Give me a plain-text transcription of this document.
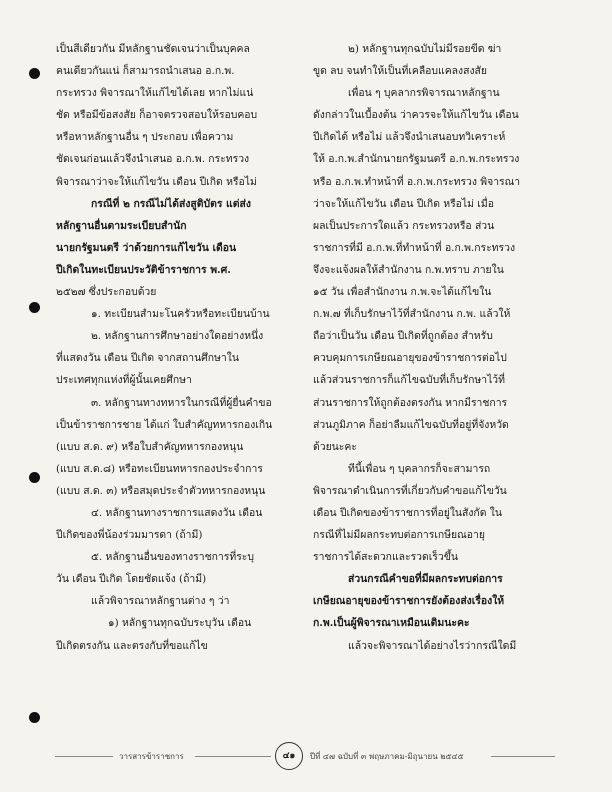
เป็นสีเดียวกัน มีหลักฐานชัดเจนว่าเป็นบุคคล
คนเดียวกันแน่ ก็สามารถนำเสนอ อ.ก.พ.
กระทรวง พิจารณาให้แก้ไขได้เลย หากไม่แน่
ชัด หรือมีข้อสงสัย ก็อาจตรวจสอบให้รอบคอบ
หรือหาหลักฐานอื่น ๆ ประกอบ เพื่อความ
ชัดเจนก่อนแล้วจึงนำเสนอ อ.ก.พ. กระทรวง
พิจารณาว่าจะให้แก้ไขวัน เดือน ปีเกิด หรือไม่
กรณีที่ ๒ กรณีไม่ได้ส่งสูติบัตร แต่ส่ง
หลักฐานอื่นตามระเบียบสำนัก
นายกรัฐมนตรี ว่าด้วยการแก้ไขวัน เดือน
ปีเกิดในทะเบียนประวัติข้าราชการ พ.ศ.
๒๕๒๗ ซึ่งประกอบด้วย
๑. ทะเบียนสำมะโนครัวหรือทะเบียนบ้าน
๒. หลักฐานการศึกษาอย่างใดอย่างหนึ่ง
ที่แสดงวัน เดือน ปีเกิด จากสถานศึกษาใน
ประเทศทุกแห่งที่ผู้นั้นเคยศึกษา
๓. หลักฐานทางทหารในกรณีที่ผู้ยื่นคำขอ
เป็นข้าราชการชาย ได้แก่ ใบสำคัญทหารกองเกิน
(แบบ ส.ด. ๙) หรือใบสำคัญทหารกองหนุน
(แบบ ส.ด.๘) หรือทะเบียนทหารกองประจำการ
(แบบ ส.ด. ๓) หรือสมุดประจำตัวทหารกองหนุน
๔. หลักฐานทางราชการแสดงวัน เดือน
ปีเกิดของพี่น้องร่วมมารดา (ถ้ามี)
๕. หลักฐานอื่นของทางราชการที่ระบุ
วัน เดือน ปีเกิด โดยชัดแจ้ง (ถ้ามี)
แล้วพิจารณาหลักฐานต่าง ๆ ว่า
๑) หลักฐานทุกฉบับระบุวัน เดือน
ปีเกิดตรงกัน และตรงกับที่ขอแก้ไข
๒) หลักฐานทุกฉบับไม่มีรอยขีด ฆ่า
ขูด ลบ จนทำให้เป็นที่เคลือบแคลงสงสัย
เพื่อน ๆ บุคลากรพิจารณาหลักฐาน
ดังกล่าวในเบื้องต้น ว่าควรจะให้แก้ไขวัน เดือน
ปีเกิดได้ หรือไม่ แล้วจึงนำเสนอบทวิเคราะห์
ให้ อ.ก.พ.สำนักนายกรัฐมนตรี อ.ก.พ.กระทรวง
หรือ อ.ก.พ.ทำหน้าที่ อ.ก.พ.กระทรวง พิจารณา
ว่าจะให้แก้ไขวัน เดือน ปีเกิด หรือไม่ เมื่อ
ผลเป็นประการใดแล้ว กระทรวงหรือ ส่วน
ราชการที่มี อ.ก.พ.ที่ทำหน้าที่ อ.ก.พ.กระทรวง
จึงจะแจ้งผลให้สำนักงาน ก.พ.ทราบ ภายใน
๑๕ วัน เพื่อสำนักงาน ก.พ.จะได้แก้ไขใน
ก.พ.๗ ที่เก็บรักษาไว้ที่สำนักงาน ก.พ. แล้วให้
ถือว่าเป็นวัน เดือน ปีเกิดที่ถูกต้อง สำหรับ
ควบคุมการเกษียณอายุของข้าราชการต่อไป
แล้วส่วนราชการก็แก้ไขฉบับที่เก็บรักษาไว้ที่
ส่วนราชการให้ถูกต้องตรงกัน หากมีราชการ
ส่วนภูมิภาค ก็อย่าลืมแก้ไขฉบับที่อยู่ที่จังหวัด
ด้วยนะคะ
ทีนี้เพื่อน ๆ บุคลากรก็จะสามารถ
พิจารณาดำเนินการที่เกี่ยวกับคำขอแก้ไขวัน
เดือน ปีเกิดของข้าราชการที่อยู่ในสังกัด ใน
กรณีที่ไม่มีผลกระทบต่อการเกษียณอายุ
ราชการได้สะดวกและรวดเร็วขึ้น
ส่วนกรณีคำขอที่มีผลกระทบต่อการ
เกษียณอายุของข้าราชการยังต้องส่งเรื่องให้
ก.พ.เป็นผู้พิจารณาเหมือนเดิมนะคะ
แล้วจะพิจารณาได้อย่างไรว่ากรณีใดมี
วารสารข้าราชการ	๔๑	ปีที่ ๔๗ ฉบับที่ ๓ พฤษภาคม-มิถุนายน ๒๕๔๕
